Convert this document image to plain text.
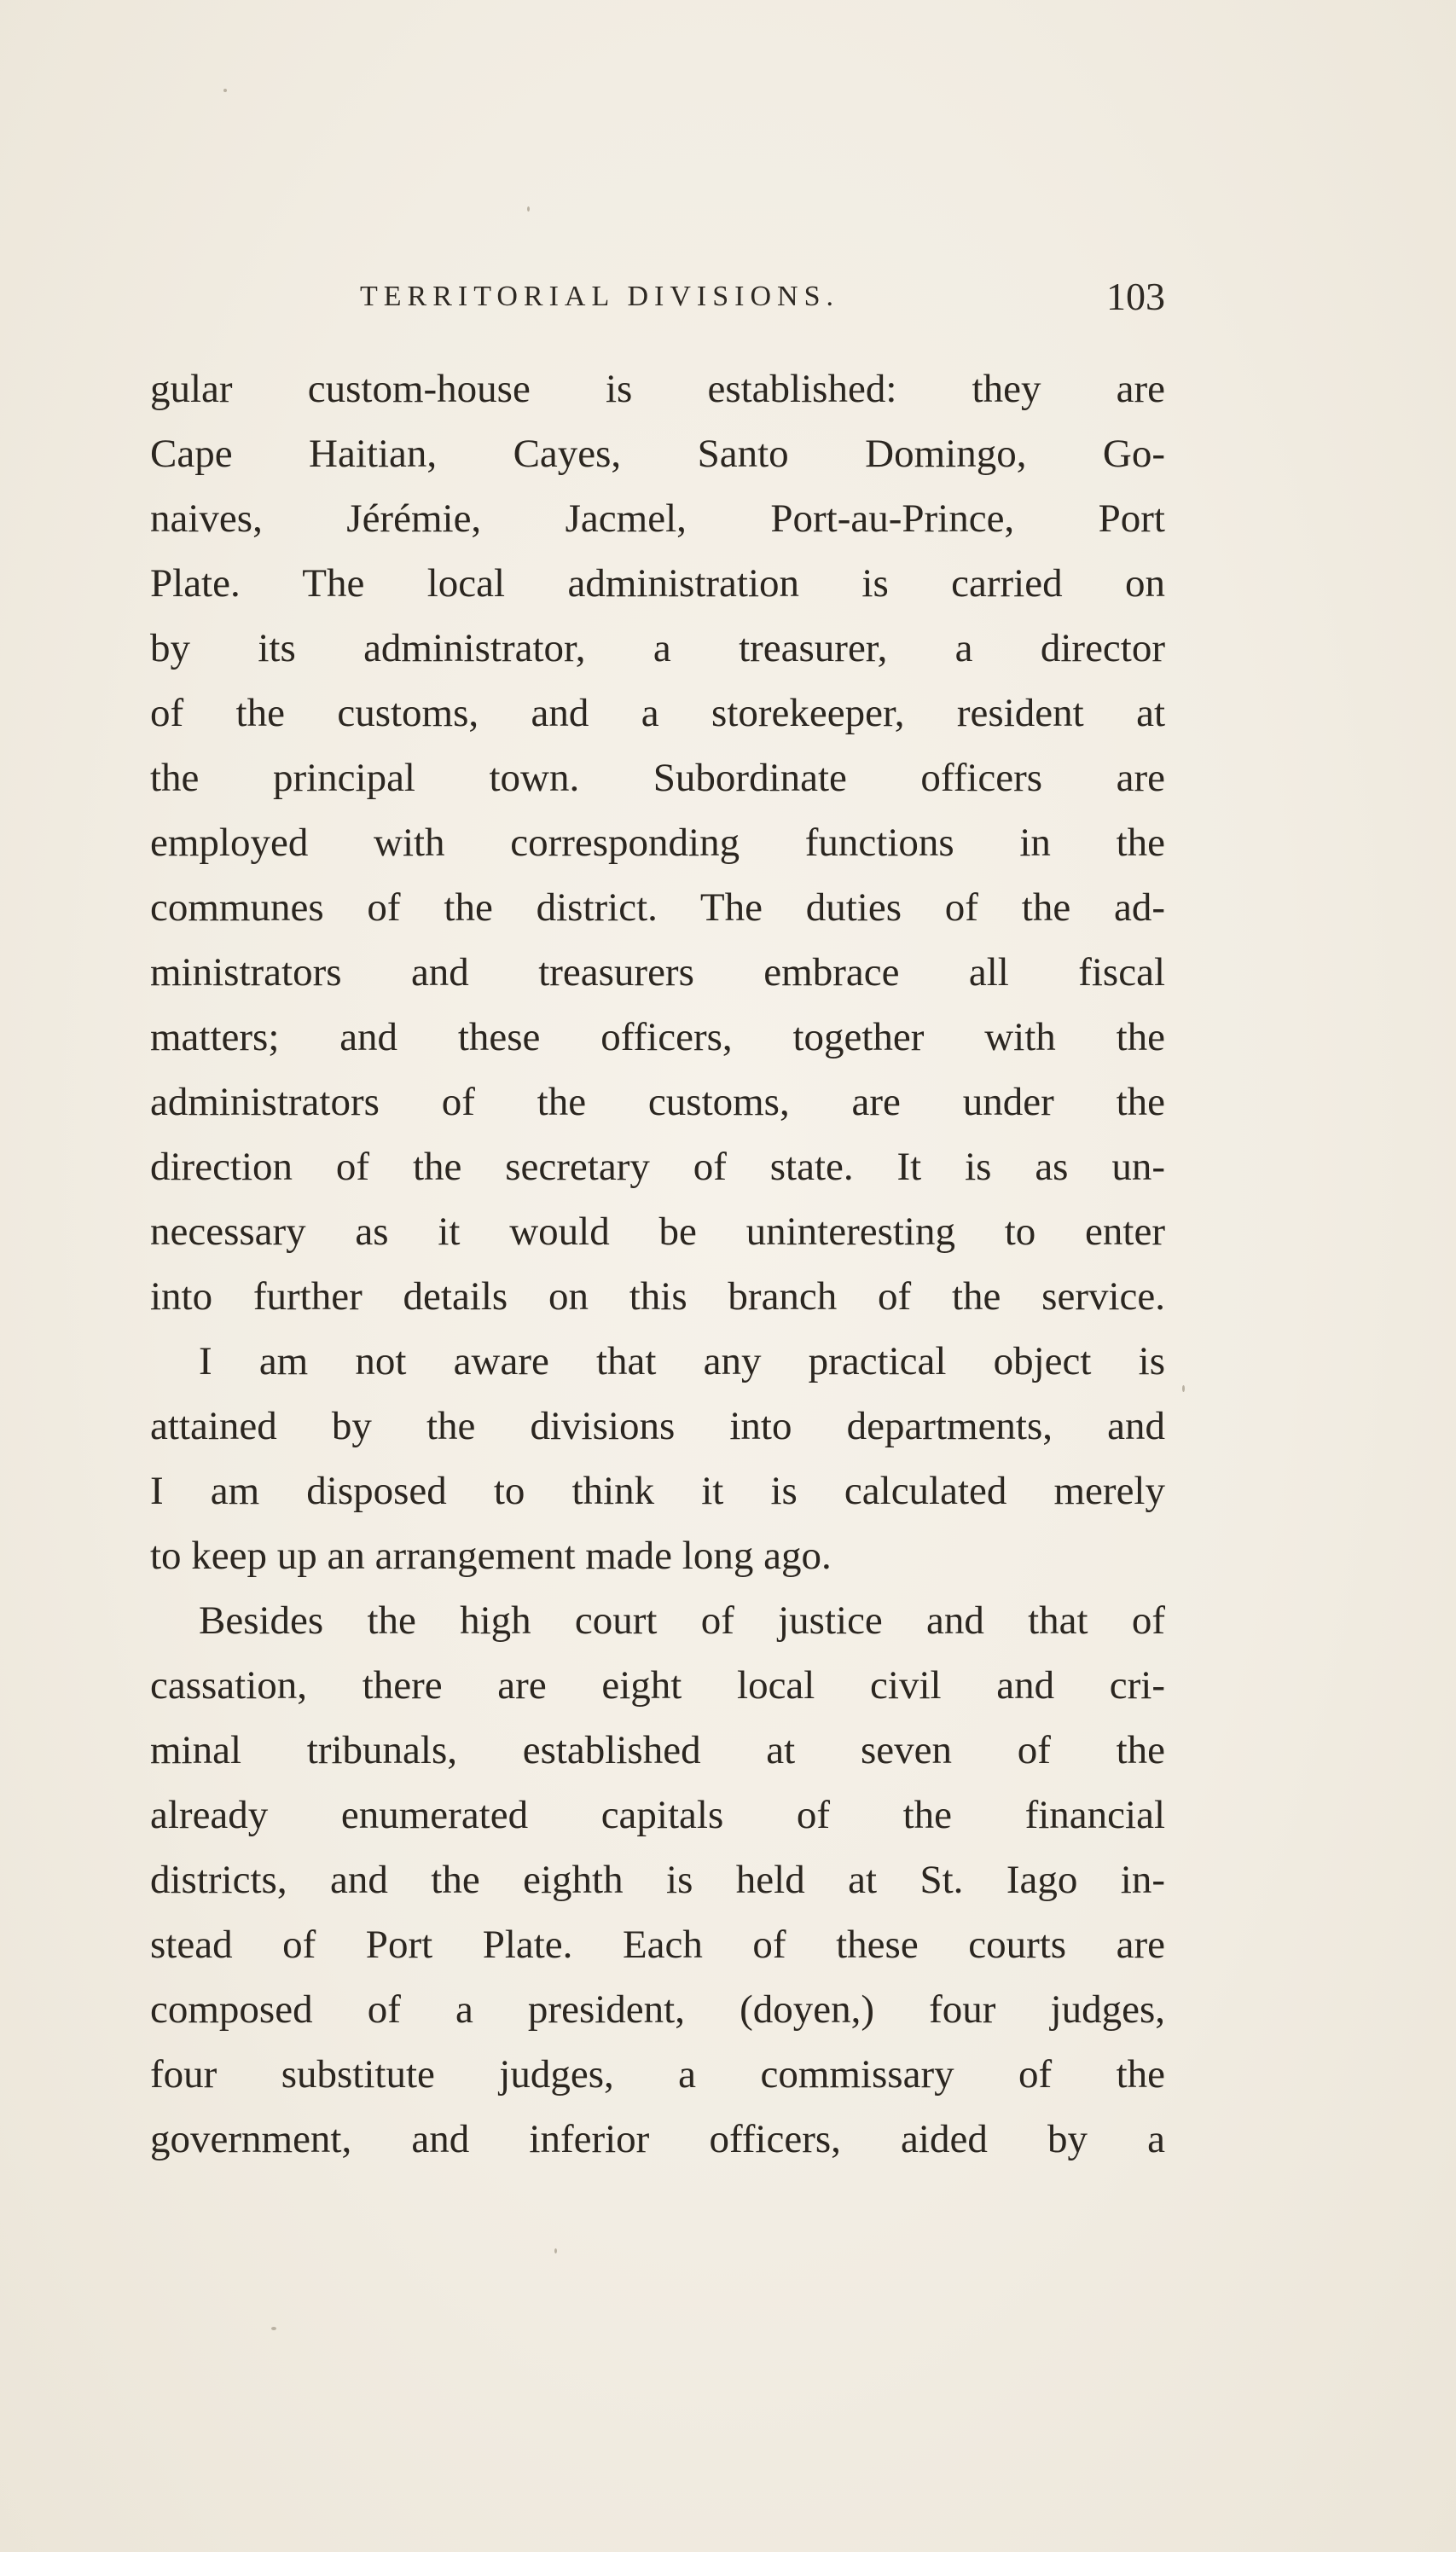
TERRITORIAL DIVISIONS.	103
gular custom-house is established: they are
Cape Haitian, Cayes, Santo Domingo, Go-
naives, Jérémie, Jacmel, Port-au-Prince, Port
Plate. The local administration is carried on
by its administrator, a treasurer, a director
of the customs, and a storekeeper, resident at
the principal town. Subordinate officers are
employed with corresponding functions in the
communes of the district. The duties of the ad-
ministrators and treasurers embrace all fiscal
matters; and these officers, together with the
administrators of the customs, are under the
direction of the secretary of state. It is as un-
necessary as it would be uninteresting to enter
into further details on this branch of the service.
I am not aware that any practical object is
attained by the divisions into departments, and
I am disposed to think it is calculated merely
to keep up an arrangement made long ago.
Besides the high court of justice and that of
cassation, there are eight local civil and cri-
minal tribunals, established at seven of the
already enumerated capitals of the financial
districts, and the eighth is held at St. Iago in-
stead of Port Plate. Each of these courts are
composed of a president, (doyen,) four judges,
four substitute judges, a commissary of the
government, and inferior officers, aided by a
